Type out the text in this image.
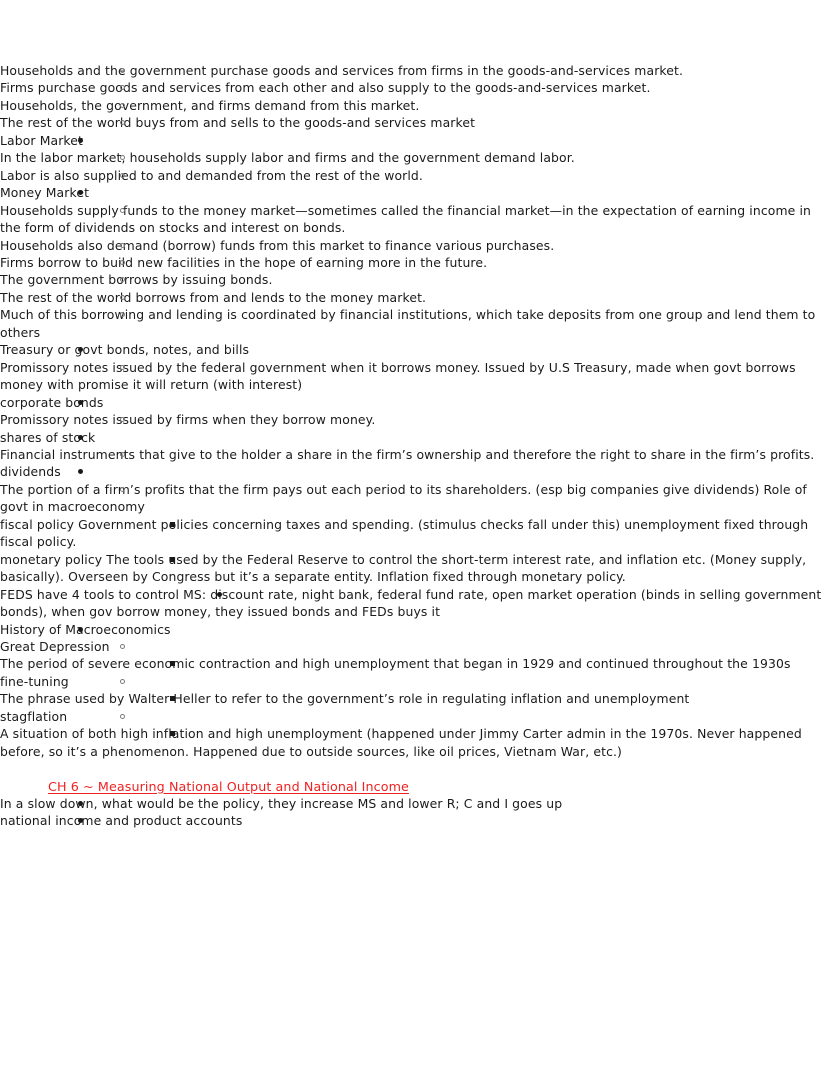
Households and the government purchase goods and services from firms in the goods-and-services market.
Firms purchase goods and services from each other and also supply to the goods-and-services market.
Households, the government, and firms demand from this market.
The rest of the world buys from and sells to the goods-and services market
Labor Market
In the labor market, households supply labor and firms and the government demand labor.
Labor is also supplied to and demanded from the rest of the world.
Money Market
Households supply funds to the money market—sometimes called the financial market—in the expectation of earning income in the form of dividends on stocks and interest on bonds.
Households also demand (borrow) funds from this market to finance various purchases.
Firms borrow to build new facilities in the hope of earning more in the future.
The government borrows by issuing bonds.
The rest of the world borrows from and lends to the money market.
Much of this borrowing and lending is coordinated by financial institutions, which take deposits from one group and lend them to others
Treasury or govt bonds, notes, and bills
Promissory notes issued by the federal government when it borrows money. Issued by U.S Treasury, made when govt borrows money with promise it will return (with interest)
corporate bonds
Promissory notes issued by firms when they borrow money.
shares of stock
Financial instruments that give to the holder a share in the firm’s ownership and therefore the right to share in the firm’s profits.
dividends
The portion of a firm’s profits that the firm pays out each period to its shareholders. (esp big companies give dividends) Role of govt in macroeconomy
fiscal policy Government policies concerning taxes and spending. (stimulus checks fall under this) unemployment fixed through fiscal policy.
monetary policy The tools used by the Federal Reserve to control the short-term interest rate, and inflation etc. (Money supply, basically). Overseen by Congress but it’s a separate entity. Inflation fixed through monetary policy.
FEDS have 4 tools to control MS: discount rate, night bank, federal fund rate, open market operation (binds in selling government bonds), when gov borrow money, they issued bonds and FEDs buys it
History of Macroeconomics
Great Depression
The period of severe economic contraction and high unemployment that began in 1929 and continued throughout the 1930s
fine-tuning
The phrase used by Walter Heller to refer to the government’s role in regulating inflation and unemployment
stagflation
A situation of both high inflation and high unemployment (happened under Jimmy Carter admin in the 1970s. Never happened before, so it’s a phenomenon. Happened due to outside sources, like oil prices, Vietnam War, etc.)
CH 6 ~ Measuring National Output and National Income
In a slow down, what would be the policy, they increase MS and lower R; C and I goes up
national income and product accounts
